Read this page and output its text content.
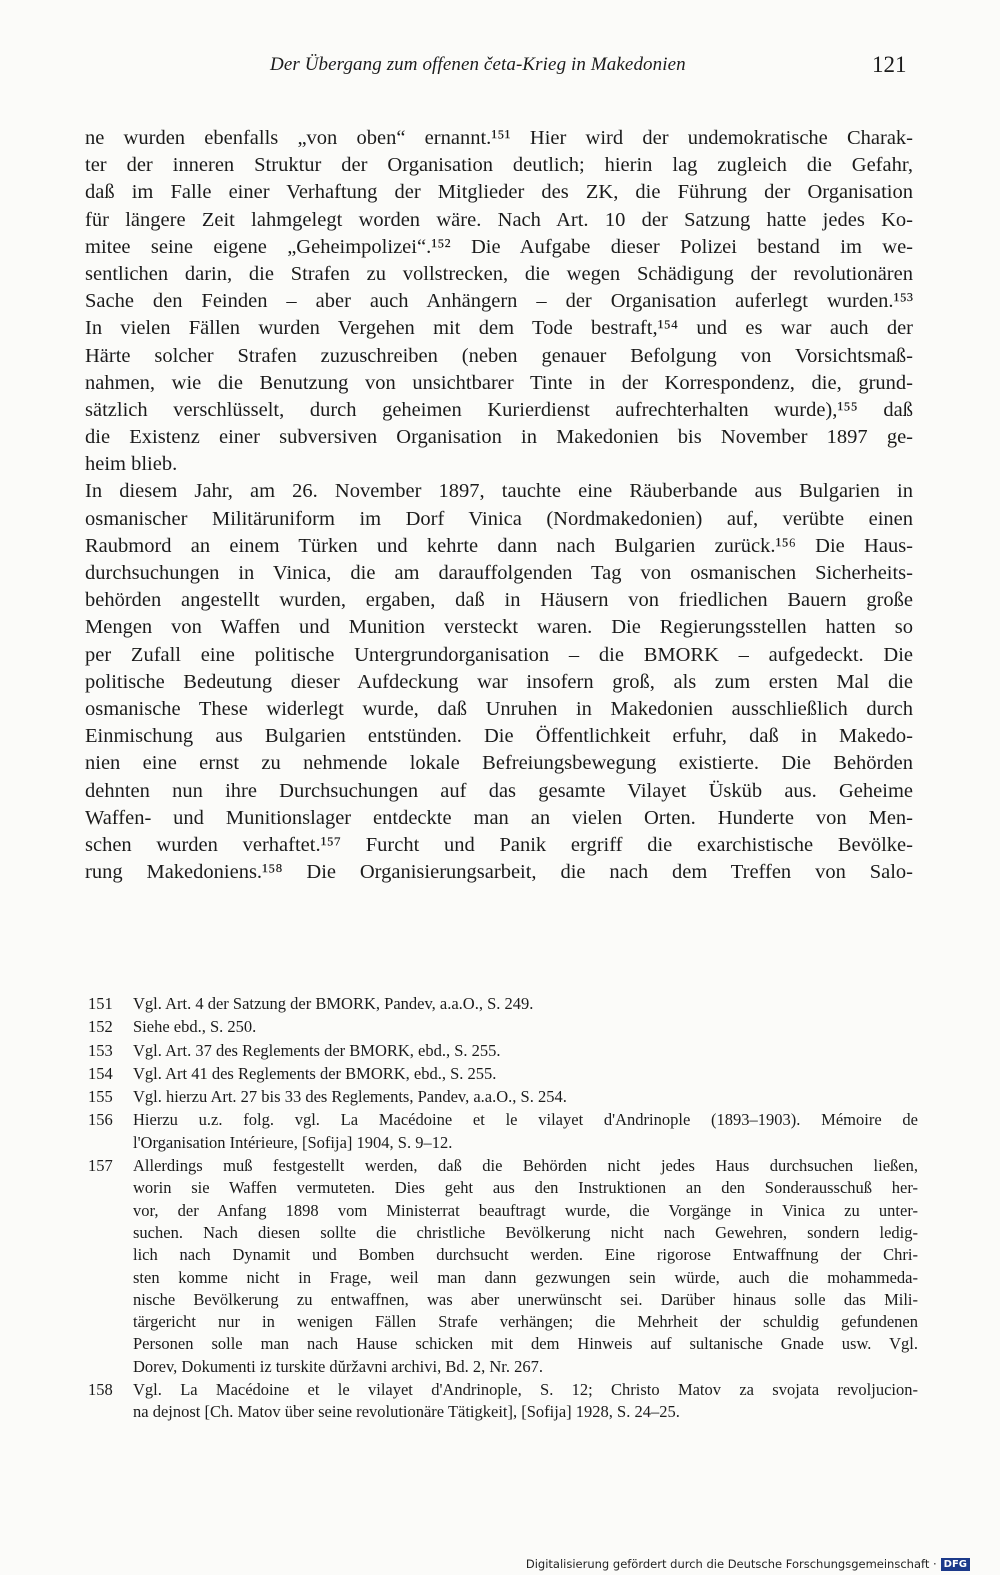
Der Übergang zum offenen četa-Krieg in Makedonien	121
ne wurden ebenfalls „von oben“ ernannt.¹⁵¹ Hier wird der undemokratische Charak-
ter der inneren Struktur der Organisation deutlich; hierin lag zugleich die Gefahr,
daß im Falle einer Verhaftung der Mitglieder des ZK, die Führung der Organisation
für längere Zeit lahmgelegt worden wäre. Nach Art. 10 der Satzung hatte jedes Ko-
mitee seine eigene „Geheimpolizei“.¹⁵² Die Aufgabe dieser Polizei bestand im we-
sentlichen darin, die Strafen zu vollstrecken, die wegen Schädigung der revolutionären
Sache den Feinden – aber auch Anhängern – der Organisation auferlegt wurden.¹⁵³
In vielen Fällen wurden Vergehen mit dem Tode bestraft,¹⁵⁴ und es war auch der
Härte solcher Strafen zuzuschreiben (neben genauer Befolgung von Vorsichtsmaß-
nahmen, wie die Benutzung von unsichtbarer Tinte in der Korrespondenz, die, grund-
sätzlich verschlüsselt, durch geheimen Kurierdienst aufrechterhalten wurde),¹⁵⁵ daß
die Existenz einer subversiven Organisation in Makedonien bis November 1897 ge-
heim blieb.
In diesem Jahr, am 26. November 1897, tauchte eine Räuberbande aus Bulgarien in
osmanischer Militäruniform im Dorf Vinica (Nordmakedonien) auf, verübte einen
Raubmord an einem Türken und kehrte dann nach Bulgarien zurück.¹⁵⁶ Die Haus-
durchsuchungen in Vinica, die am darauffolgenden Tag von osmanischen Sicherheits-
behörden angestellt wurden, ergaben, daß in Häusern von friedlichen Bauern große
Mengen von Waffen und Munition versteckt waren. Die Regierungsstellen hatten so
per Zufall eine politische Untergrundorganisation – die BMORK – aufgedeckt. Die
politische Bedeutung dieser Aufdeckung war insofern groß, als zum ersten Mal die
osmanische These widerlegt wurde, daß Unruhen in Makedonien ausschließlich durch
Einmischung aus Bulgarien entstünden. Die Öffentlichkeit erfuhr, daß in Makedo-
nien eine ernst zu nehmende lokale Befreiungsbewegung existierte. Die Behörden
dehnten nun ihre Durchsuchungen auf das gesamte Vilayet Üsküb aus. Geheime
Waffen- und Munitionslager entdeckte man an vielen Orten. Hunderte von Men-
schen wurden verhaftet.¹⁵⁷ Furcht und Panik ergriff die exarchistische Bevölke-
rung Makedoniens.¹⁵⁸ Die Organisierungsarbeit, die nach dem Treffen von Salo-
151	Vgl. Art. 4 der Satzung der BMORK, Pandev, a.a.O., S. 249.
152	Siehe ebd., S. 250.
153	Vgl. Art. 37 des Reglements der BMORK, ebd., S. 255.
154	Vgl. Art 41 des Reglements der BMORK, ebd., S. 255.
155	Vgl. hierzu Art. 27 bis 33 des Reglements, Pandev, a.a.O., S. 254.
156	Hierzu u.z. folg. vgl. La Macédoine et le vilayet d'Andrinople (1893–1903). Mémoire de
l'Organisation Intérieure, [Sofija] 1904, S. 9–12.
157	Allerdings muß festgestellt werden, daß die Behörden nicht jedes Haus durchsuchen ließen,
worin sie Waffen vermuteten. Dies geht aus den Instruktionen an den Sonderausschuß her-
vor, der Anfang 1898 vom Ministerrat beauftragt wurde, die Vorgänge in Vinica zu unter-
suchen. Nach diesen sollte die christliche Bevölkerung nicht nach Gewehren, sondern ledig-
lich nach Dynamit und Bomben durchsucht werden. Eine rigorose Entwaffnung der Chri-
sten komme nicht in Frage, weil man dann gezwungen sein würde, auch die mohammeda-
nische Bevölkerung zu entwaffnen, was aber unerwünscht sei. Darüber hinaus solle das Mili-
tärgericht nur in wenigen Fällen Strafe verhängen; die Mehrheit der schuldig gefundenen
Personen solle man nach Hause schicken mit dem Hinweis auf sultanische Gnade usw. Vgl.
Dorev, Dokumenti iz turskite dŭržavni archivi, Bd. 2, Nr. 267.
158	Vgl. La Macédoine et le vilayet d'Andrinople, S. 12; Christo Matov za svojata revoljucion-
na dejnost [Ch. Matov über seine revolutionäre Tätigkeit], [Sofija] 1928, S. 24–25.
Digitalisierung gefördert durch die Deutsche Forschungsgemeinschaft · DFG
